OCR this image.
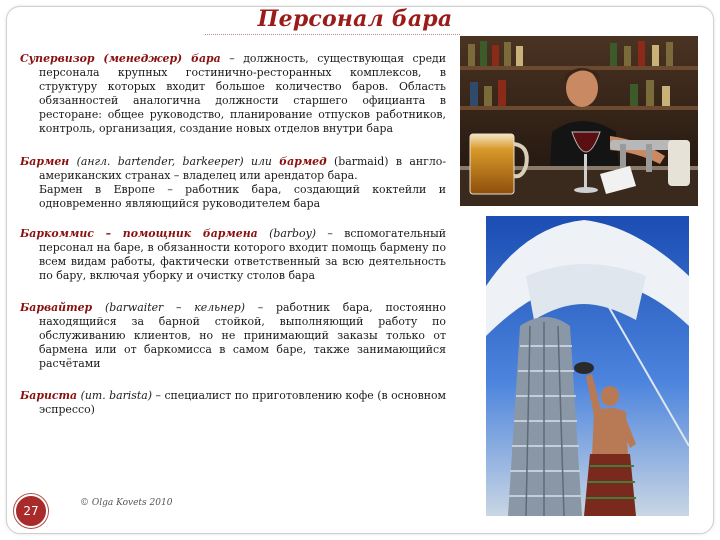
Персонал бара

Супервизор (менеджер) бара – должность, существующая среди персонала крупных гостинично-ресторанных комплексов, в структуру которых входит большое количество баров. Область обязанностей аналогична должности старшего официанта в ресторане: общее руководство, планирование отпусков работников, контроль, организация, создание новых отделов внутри бара

Бармен (англ. bartender, barkeeper) или бармед (barmaid) в англо-американских странах – владелец или арендатор бара.
Бармен в Европе – работник бара, создающий коктейли и одновременно являющийся руководителем бара

Баркоммис – помощник бармена (barboy) – вспомогательный персонал на баре, в обязанности которого входит помощь бармену по всем видам работы, фактически ответственный за всю деятельность по бару, включая уборку и очистку столов бара

Барвайтер (barwaiter – кельнер) – работник бара, постоянно находящийся за барной стойкой, выполняющий работу по обслуживанию клиентов, но не принимающий заказы только от бармена или от баркомисса в самом баре, также занимающийся расчётами

Бариста (ит. barista) – специалист по приготовлению кофе (в основном эспрессо)

27
© Olga Kovets 2010
